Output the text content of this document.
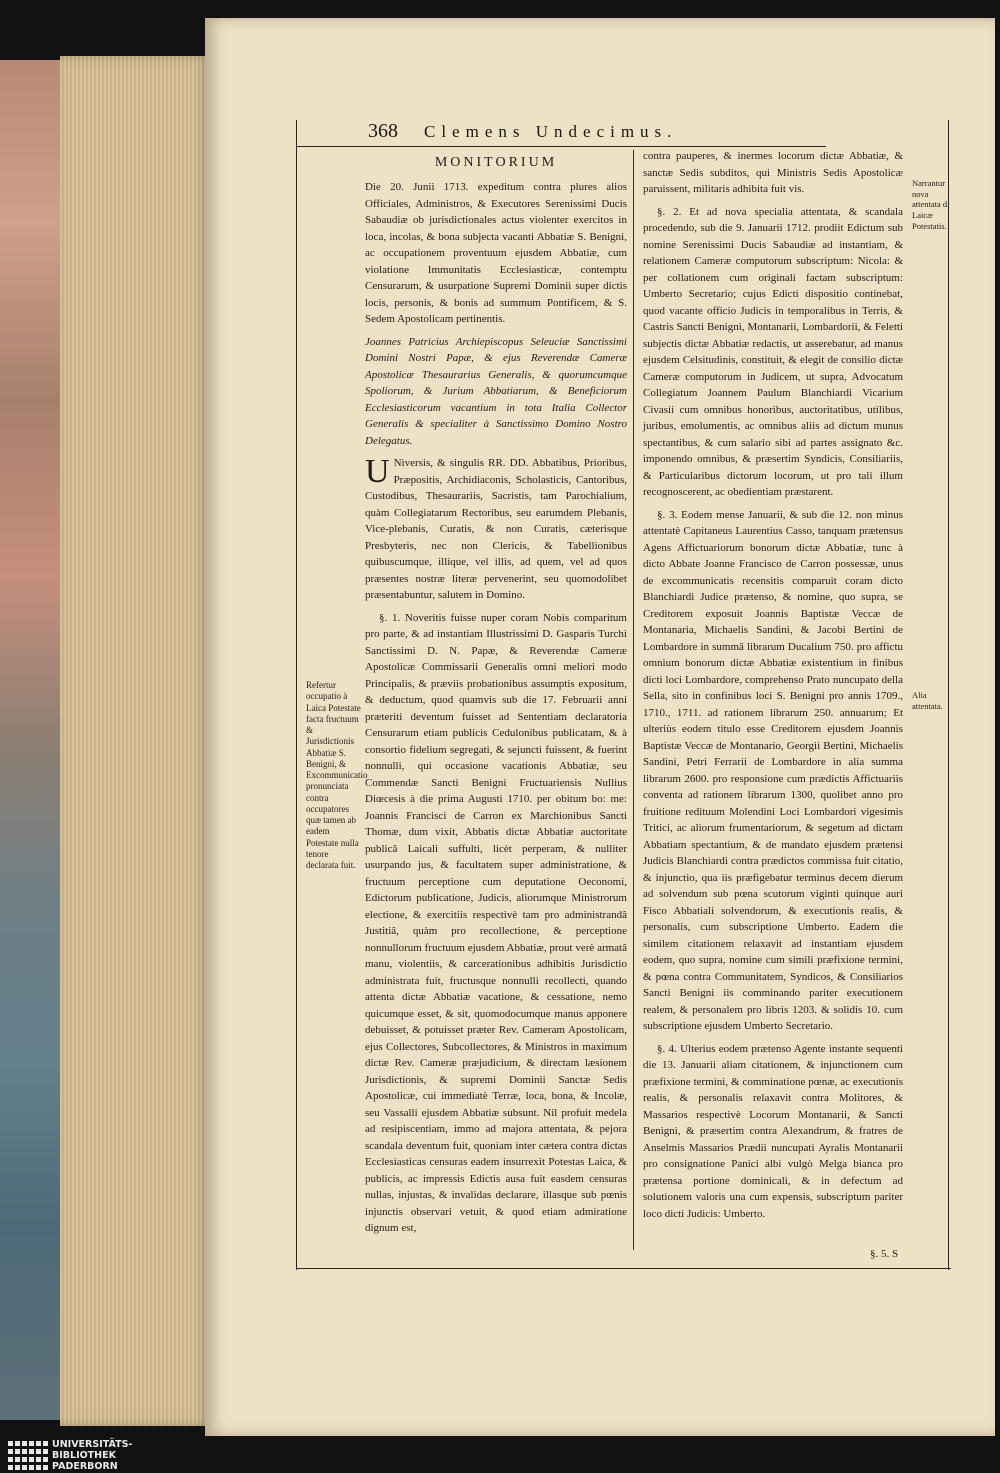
368 Clemens Undecimus.
MONITORIUM

Die 20. Junii 1713. expeditum contra plures alios Officiales, Administros, & Executores Serenissimi Ducis Sabaudiæ ob jurisdictionales actus violenter exercitos in loca, incolas, & bona subjecta vacanti Abbatiæ S. Benigni, ac occupationem proventuum ejusdem Abbatiæ, cum violatione Immunitatis Ecclesiasticæ, contemptu Censurarum, & usurpatione Supremi Dominii super dictis locis, personis, & bonis ad summum Pontificem, & S. Sedem Apostolicam pertinentis.

Joannes Patricius Archiepiscopus Seleuciæ Sanctissimi Domini Nostri Papæ, & ejus Reverendæ Cameræ Apostolicæ Thesaurarius Generalis, & quorumcumque Spoliorum, & Jurium Abbatiarum, & Beneficiorum Ecclesiasticorum vacantium in tota Italia Collector Generalis & specialiter à Sanctissimo Domino Nostro Delegatus.

U Niversis, & singulis RR. DD. Abbatibus, Prioribus, Præpositis, Archidiaconis, Scholasticis, Cantoribus, Custodibus, Thesaurariis, Sacristis, tam Parochialium, quàm Collegiatarum Rectoribus, seu earumdem Plebanis, Vice-plebanis, Curatis, & non Curatis, cæterisque Presbyteris, nec non Clericis, & Tabellionibus quibuscumque, illique, vel illis, ad quem, vel ad quos præsentes nostræ literæ pervenerint, seu quomodolibet præsentabuntur, salutem in Domino.

§. 1. Noveritis fuisse nuper coram Nobis comparitum pro parte, & ad instantiam Illustrissimi D. Gasparis Turchi Sanctissimi D. N. Papæ, & Reverendæ Cameræ Apostolicæ Commissarii Generalis omni meliori modo Principalis, & præviis probationibus assumptis expositum, & deductum, quod quamvis sub die 17. Februarii anni præteriti deventum fuisset ad Sententiam declaratoria Censurarum etiam publicis Cedulonibus publicatam, & à consortio fidelium segregati, & sejuncti fuissent, & fuerint nonnulli, qui occasione vacationis Abbatiæ, seu Commendæ Sancti Benigni Fructuariensis Nullius Diœcesis à die prima Augusti 1710. per obitum bo: me: Joannis Francisci de Carron ex Marchionibus Sancti Thomæ, dum vixit, Abbatis dictæ Abbatiæ auctoritate publicâ Laicali suffulti, licèt perperam, & nulliter usurpando jus, & facultatem super administratione, & fructuum perceptione cum deputatione Oeconomi, Edictorum publicatione, Judicis, aliorumque Ministrorum electione, & exercitiis respectivè tam pro administrandâ Justitiâ, quàm pro recollectione, & perceptione nonnullorum fructuum ejusdem Abbatiæ, prout verè armatâ manu, violentiis, & carcerationibus adhibitis Jurisdictio administrata fuit, fructusque nonnulli recollecti, quando attenta dictæ Abbatiæ vacatione, & cessatione, nemo quicumque esset, & sit, quomodocumque manus apponere debuisset, & potuisset præter Rev. Cameram Apostolicam, ejus Collectores, Subcollectores, & Ministros in maximum dictæ Rev. Cameræ præjudicium, & directam læsionem Jurisdictionis, & supremi Dominii Sanctæ Sedis Apostolicæ, cui immediatè Terræ, loca, bona, & Incolæ, seu Vassalli ejusdem Abbatiæ subsunt. Nil profuit medela ad resipiscentiam, immo ad majora attentata, & pejora scandala deventum fuit, quoniam inter cætera contra dictas Ecclesiasticas censuras eadem insurrexit Potestas Laica, & publicis, ac impressis Edictis ausa fuit easdem censuras nullas, injustas, & invalidas declarare, illasque sub pœnis injunctis observari vetuit, & quod etiam admiratione dignum est,

contra pauperes, & inermes locorum dictæ Abbatiæ, & sanctæ Sedis subditos, qui Ministris Sedis Apostolicæ paruissent, militaris adhibita fuit vis.

§. 2. Et ad nova specialia attentata, & scandala procedendo, sub die 9. Januarii 1712. prodiit Edictum sub nomine Serenissimi Ducis Sabaudiæ ad instantiam, & relationem Cameræ computorum subscriptum: Nicola: & per collationem cum originali factam subscriptum: Umberto Secretario; cujus Edicti dispositio continebat, quod vacante officio Judicis in temporalibus in Terris, & Castris Sancti Benigni, Montanarii, Lombardorii, & Feletti subjectis dictæ Abbatiæ redactis, ut asserebatur, ad manus ejusdem Celsitudinis, constituit, & elegit de consilio dictæ Cameræ computorum in Judicem, ut supra, Advocatum Collegiatum Joannem Paulum Blanchiardi Vicarium Civasii cum omnibus honoribus, auctoritatibus, utilibus, juribus, emolumentis, ac omnibus aliis ad dictum munus spectantibus, & cum salario sibi ad partes assignato &c. imponendo omnibus, & præsertim Syndicis, Consiliariis, & Particularibus dictorum locorum, ut pro tali illum recognoscerent, ac obedientiam præstarent.

§. 3. Eodem mense Januarii, & sub die 12. non minus attentatè Capitaneus Laurentius Casso, tanquam prætensus Agens Affictuariorum bonorum dictæ Abbatiæ, tunc à dicto Abbate Joanne Francisco de Carron possessæ, unus de excommunicatis recensitis comparuit coram dicto Blanchiardi Judice prætenso, & nomine, quo supra, se Creditorem exposuit Joannis Baptistæ Veccæ de Montanaria, Michaelis Sandini, & Jacobi Bertini de Lombardore in summâ librarum Ducalium 750. pro affictu omnium bonorum dictæ Abbatiæ existentium in finibus dicti loci Lombardore, comprehenso Prato nuncupato della Sella, sito in confinibus loci S. Benigni pro annis 1709., 1710., 1711. ad rationem librarum 250. annuarum; Et ulteriùs eodem titulo esse Creditorem ejusdem Joannis Baptistæ Veccæ de Montanario, Georgii Bertini, Michaelis Sandini, Petri Ferrarii de Lombardore in alia summa librarum 2600. pro responsione cum prædictis Affictuariis conventa ad rationem librarum 1300, quolibet anno pro fruitione redituum Molendini Loci Lombardori vigesimis Tritici, ac aliorum frumentariorum, & segetum ad dictam Abbatiam spectantium, & de mandato ejusdem prætensi Judicis Blanchiardi contra prædictos commissa fuit citatio, & injunctio, qua iis præfigebatur terminus decem dierum ad solvendum sub pœna scutorum viginti quinque auri Fisco Abbatiali solvendorum, & executionis realis, & personalis, cum subscriptione Umberto. Eadem die similem citationem relaxavit ad instantiam ejusdem eodem, quo supra, nomine cum simili præfixione termini, & pœna contra Communitatem, Syndicos, & Consiliarios Sancti Benigni iis comminando pariter executionem realem, & personalem pro libris 1203. & solidis 10. cum subscriptione ejusdem Umberto Secretario.

§. 4. Ulterius eodem prætenso Agente instante sequenti die 13. Januarii aliam citationem, & injunctionem cum præfixione termini, & comminatione pœnæ, ac executionis realis, & personalis relaxavit contra Molitores, & Massarios respectivè Locorum Montanarii, & Sancti Benigni, & præsertim contra Alexandrum, & fratres de Anselmis Massarios Prædii nuncupati Ayralis Montanarii pro consignatione Panici albi vulgò Melga bianca pro prætensa portione dominicali, & in defectum ad solutionem valoris una cum expensis, subscriptum pariter loco dicti Judicis: Umberto.

Refertur occupatio à Laica Potestate facta fructuum & Jurisdictionis Abbatiæ S. Benigni, & Excommunicatio pronunciata contra occupatores quæ tamen ab eadem Potestate nulla tenore declarata fuit.
Narrantur nova attentata d. Laicæ Potestatis.
Alia attentata.
§. 5. S
UNIVERSITÄTS-
BIBLIOTHEK
PADERBORN
